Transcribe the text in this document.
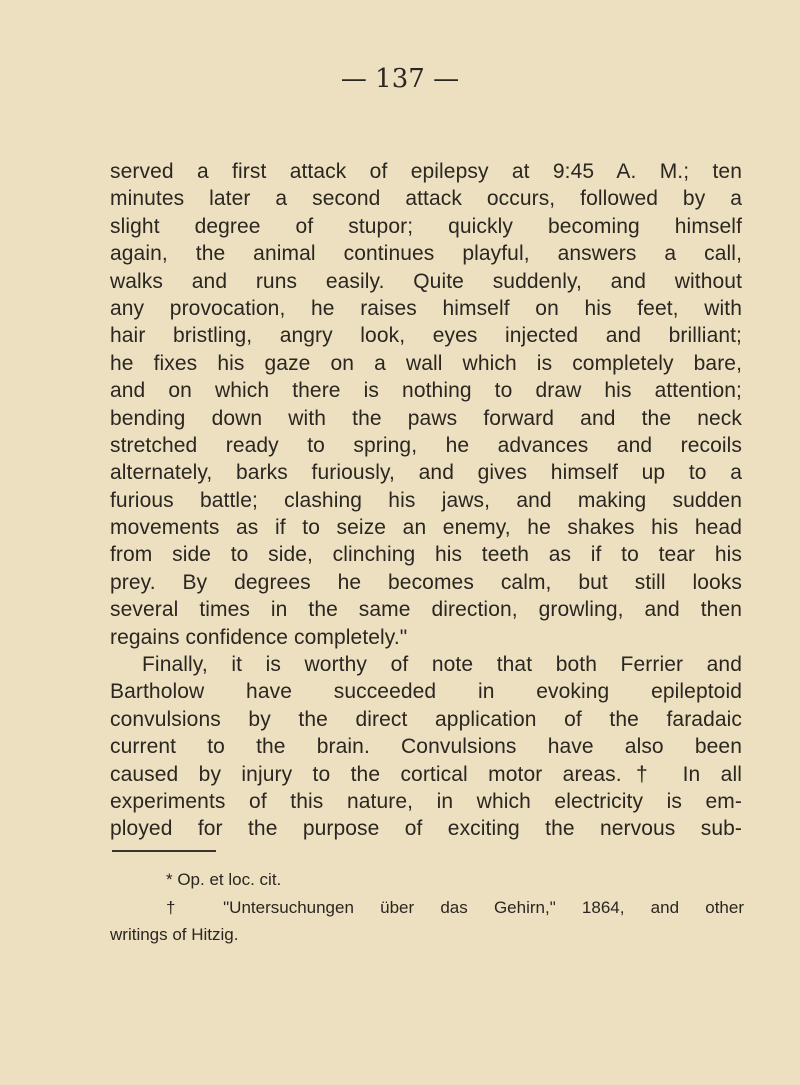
— 137 —
served a first attack of epilepsy at 9:45 A. M.; ten
minutes later a second attack occurs, followed by a
slight degree of stupor; quickly becoming himself
again, the animal continues playful, answers a call,
walks and runs easily. Quite suddenly, and without
any provocation, he raises himself on his feet, with
hair bristling, angry look, eyes injected and brilliant;
he fixes his gaze on a wall which is completely bare,
and on which there is nothing to draw his attention;
bending down with the paws forward and the neck
stretched ready to spring, he advances and recoils
alternately, barks furiously, and gives himself up to a
furious battle; clashing his jaws, and making sudden
movements as if to seize an enemy, he shakes his head
from side to side, clinching his teeth as if to tear his
prey. By degrees he becomes calm, but still looks
several times in the same direction, growling, and then
regains confidence completely."
Finally, it is worthy of note that both Ferrier and
Bartholow have succeeded in evoking epileptoid
convulsions by the direct application of the faradaic
current to the brain. Convulsions have also been
caused by injury to the cortical motor areas.† In all
experiments of this nature, in which electricity is em-
ployed for the purpose of exciting the nervous sub-
* Op. et loc. cit.
† "Untersuchungen über das Gehirn," 1864, and other
writings of Hitzig.
